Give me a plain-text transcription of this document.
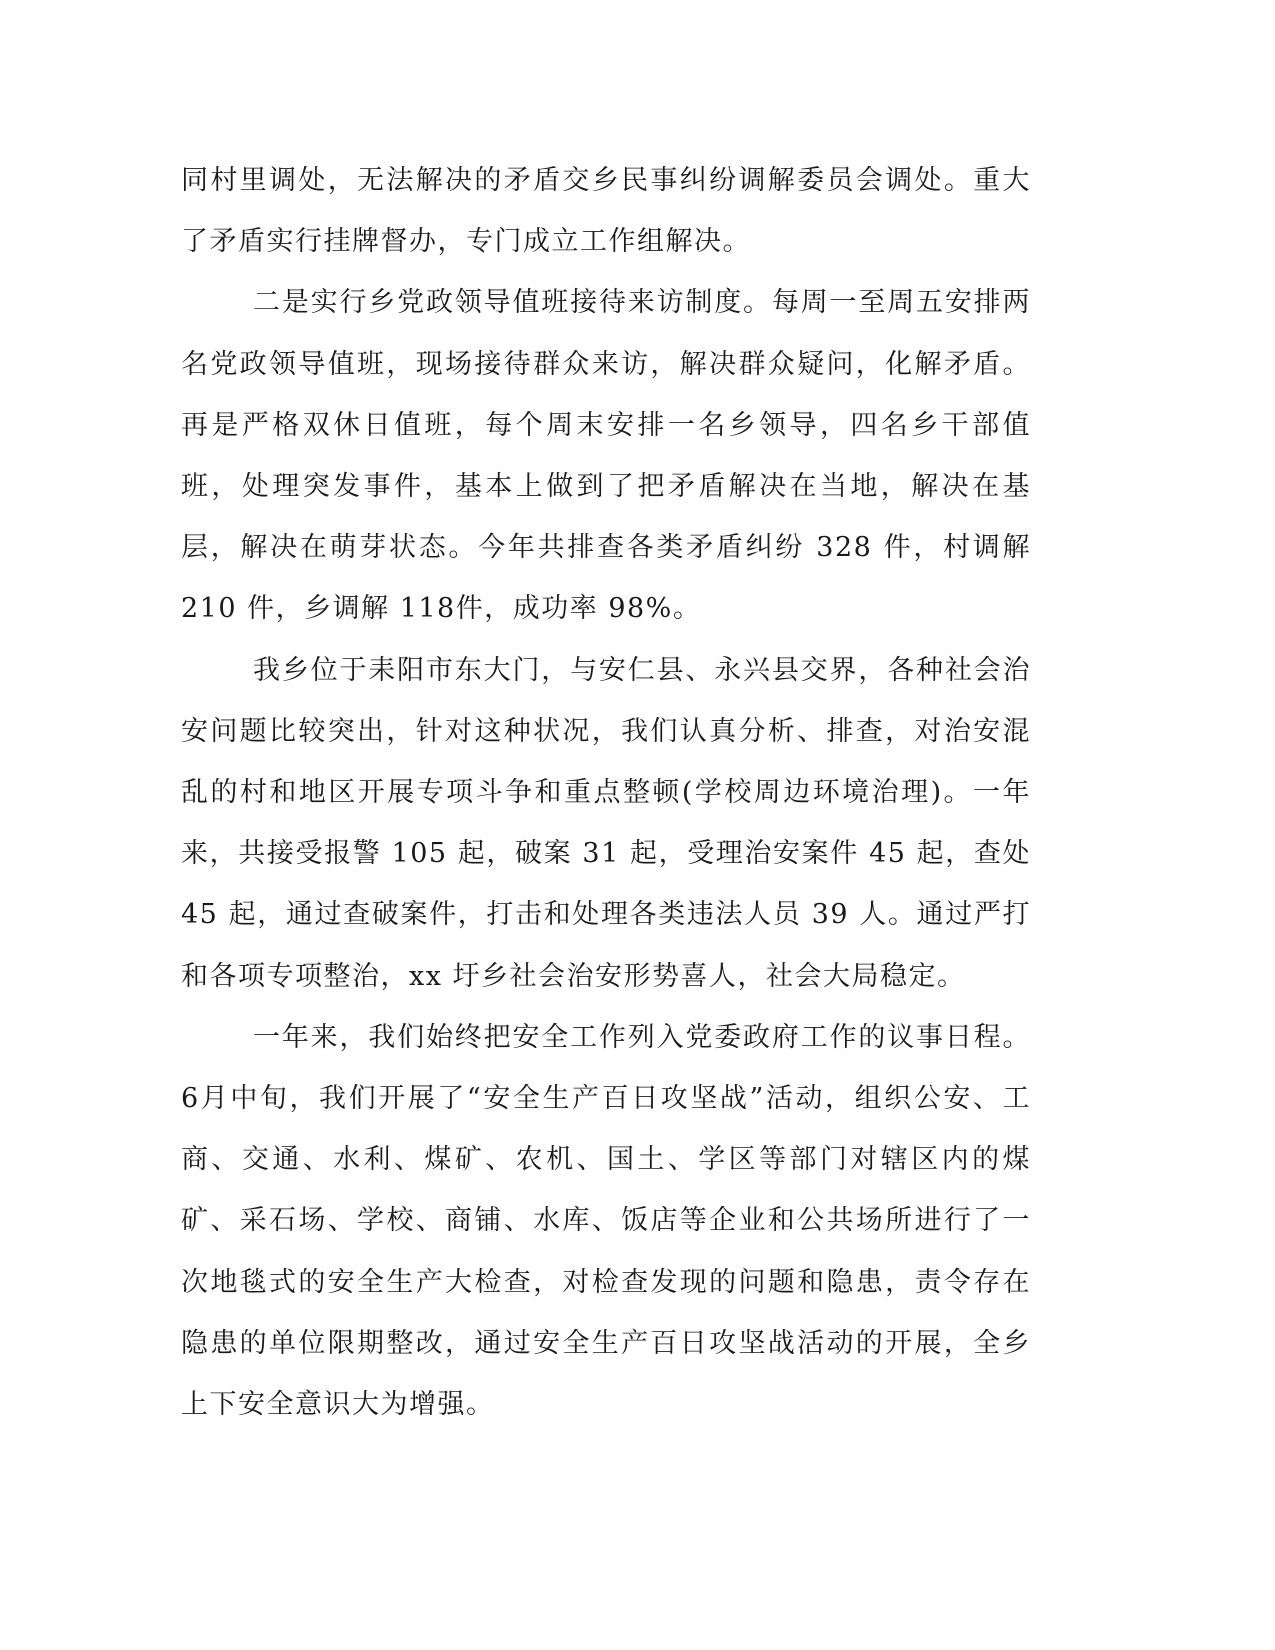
同村里调处，无法解决的矛盾交乡民事纠纷调解委员会调处。重大了矛盾实行挂牌督办，专门成立工作组解决。

二是实行乡党政领导值班接待来访制度。每周一至周五安排两名党政领导值班，现场接待群众来访，解决群众疑问，化解矛盾。再是严格双休日值班，每个周末安排一名乡领导，四名乡干部值班，处理突发事件，基本上做到了把矛盾解决在当地，解决在基层，解决在萌芽状态。今年共排查各类矛盾纠纷 328 件，村调解 210 件，乡调解 118件，成功率 98%。

我乡位于耒阳市东大门，与安仁县、永兴县交界，各种社会治安问题比较突出，针对这种状况，我们认真分析、排查，对治安混乱的村和地区开展专项斗争和重点整顿(学校周边环境治理)。一年来，共接受报警 105 起，破案 31 起，受理治安案件 45 起，查处 45 起，通过查破案件，打击和处理各类违法人员 39 人。通过严打和各项专项整治，xx 圩乡社会治安形势喜人，社会大局稳定。

一年来，我们始终把安全工作列入党委政府工作的议事日程。6月中旬，我们开展了“安全生产百日攻坚战”活动，组织公安、工商、交通、水利、煤矿、农机、国土、学区等部门对辖区内的煤矿、采石场、学校、商铺、水库、饭店等企业和公共场所进行了一次地毯式的安全生产大检查，对检查发现的问题和隐患，责令存在隐患的单位限期整改，通过安全生产百日攻坚战活动的开展，全乡上下安全意识大为增强。
